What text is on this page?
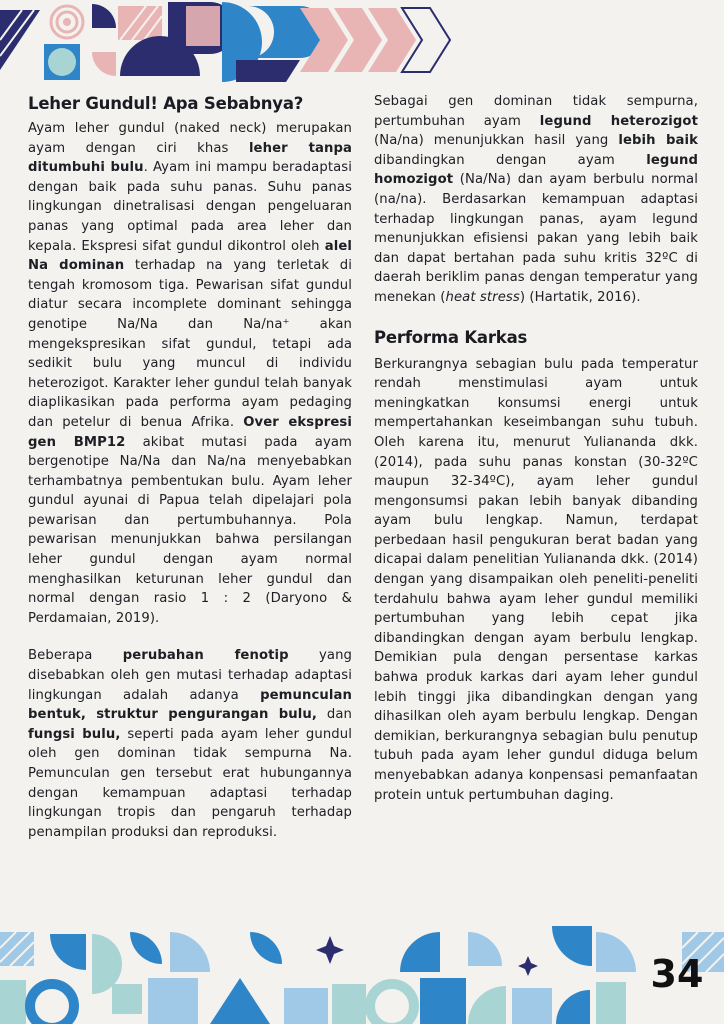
Leher Gundul! Apa Sebabnya?

Ayam leher gundul (naked neck) merupakan ayam dengan ciri khas leher tanpa ditumbuhi bulu. Ayam ini mampu beradaptasi dengan baik pada suhu panas. Suhu panas lingkungan dinetralisasi dengan pengeluaran panas yang optimal pada area leher dan kepala. Ekspresi sifat gundul dikontrol oleh alel Na dominan terhadap na yang terletak di tengah kromosom tiga. Pewarisan sifat gundul diatur secara incomplete dominant sehingga genotipe Na/Na dan Na/na⁺ akan mengekspresikan sifat gundul, tetapi ada sedikit bulu yang muncul di individu heterozigot. Karakter leher gundul telah banyak diaplikasikan pada performa ayam pedaging dan petelur di benua Afrika. Over ekspresi gen BMP12 akibat mutasi pada ayam bergenotipe Na/Na dan Na/na menyebabkan terhambatnya pembentukan bulu. Ayam leher gundul ayunai di Papua telah dipelajari pola pewarisan dan pertumbuhannya. Pola pewarisan menunjukkan bahwa persilangan leher gundul dengan ayam normal menghasilkan keturunan leher gundul dan normal dengan rasio 1 : 2 (Daryono & Perdamaian, 2019).

Beberapa perubahan fenotip yang disebabkan oleh gen mutasi terhadap adaptasi lingkungan adalah adanya pemunculan bentuk, struktur pengurangan bulu, dan fungsi bulu, seperti pada ayam leher gundul oleh gen dominan tidak sempurna Na. Pemunculan gen tersebut erat hubungannya dengan kemampuan adaptasi terhadap lingkungan tropis dan pengaruh terhadap penampilan produksi dan reproduksi.

Sebagai gen dominan tidak sempurna, pertumbuhan ayam legund heterozigot (Na/na) menunjukkan hasil yang lebih baik dibandingkan dengan ayam legund homozigot (Na/Na) dan ayam berbulu normal (na/na). Berdasarkan kemampuan adaptasi terhadap lingkungan panas, ayam legund menunjukkan efisiensi pakan yang lebih baik dan dapat bertahan pada suhu kritis 32ºC di daerah beriklim panas dengan temperatur yang menekan (heat stress) (Hartatik, 2016).

Performa Karkas

Berkurangnya sebagian bulu pada temperatur rendah menstimulasi ayam untuk meningkatkan konsumsi energi untuk mempertahankan keseimbangan suhu tubuh. Oleh karena itu, menurut Yuliananda dkk. (2014), pada suhu panas konstan (30-32ºC maupun 32-34ºC), ayam leher gundul mengonsumsi pakan lebih banyak dibanding ayam bulu lengkap. Namun, terdapat perbedaan hasil pengukuran berat badan yang dicapai dalam penelitian Yuliananda dkk. (2014) dengan yang disampaikan oleh peneliti-peneliti terdahulu bahwa ayam leher gundul memiliki pertumbuhan yang lebih cepat jika dibandingkan dengan ayam berbulu lengkap. Demikian pula dengan persentase karkas bahwa produk karkas dari ayam leher gundul lebih tinggi jika dibandingkan dengan yang dihasilkan oleh ayam berbulu lengkap. Dengan demikian, berkurangnya sebagian bulu penutup tubuh pada ayam leher gundul diduga belum menyebabkan adanya konpensasi pemanfaatan protein untuk pertumbuhan daging.

34
